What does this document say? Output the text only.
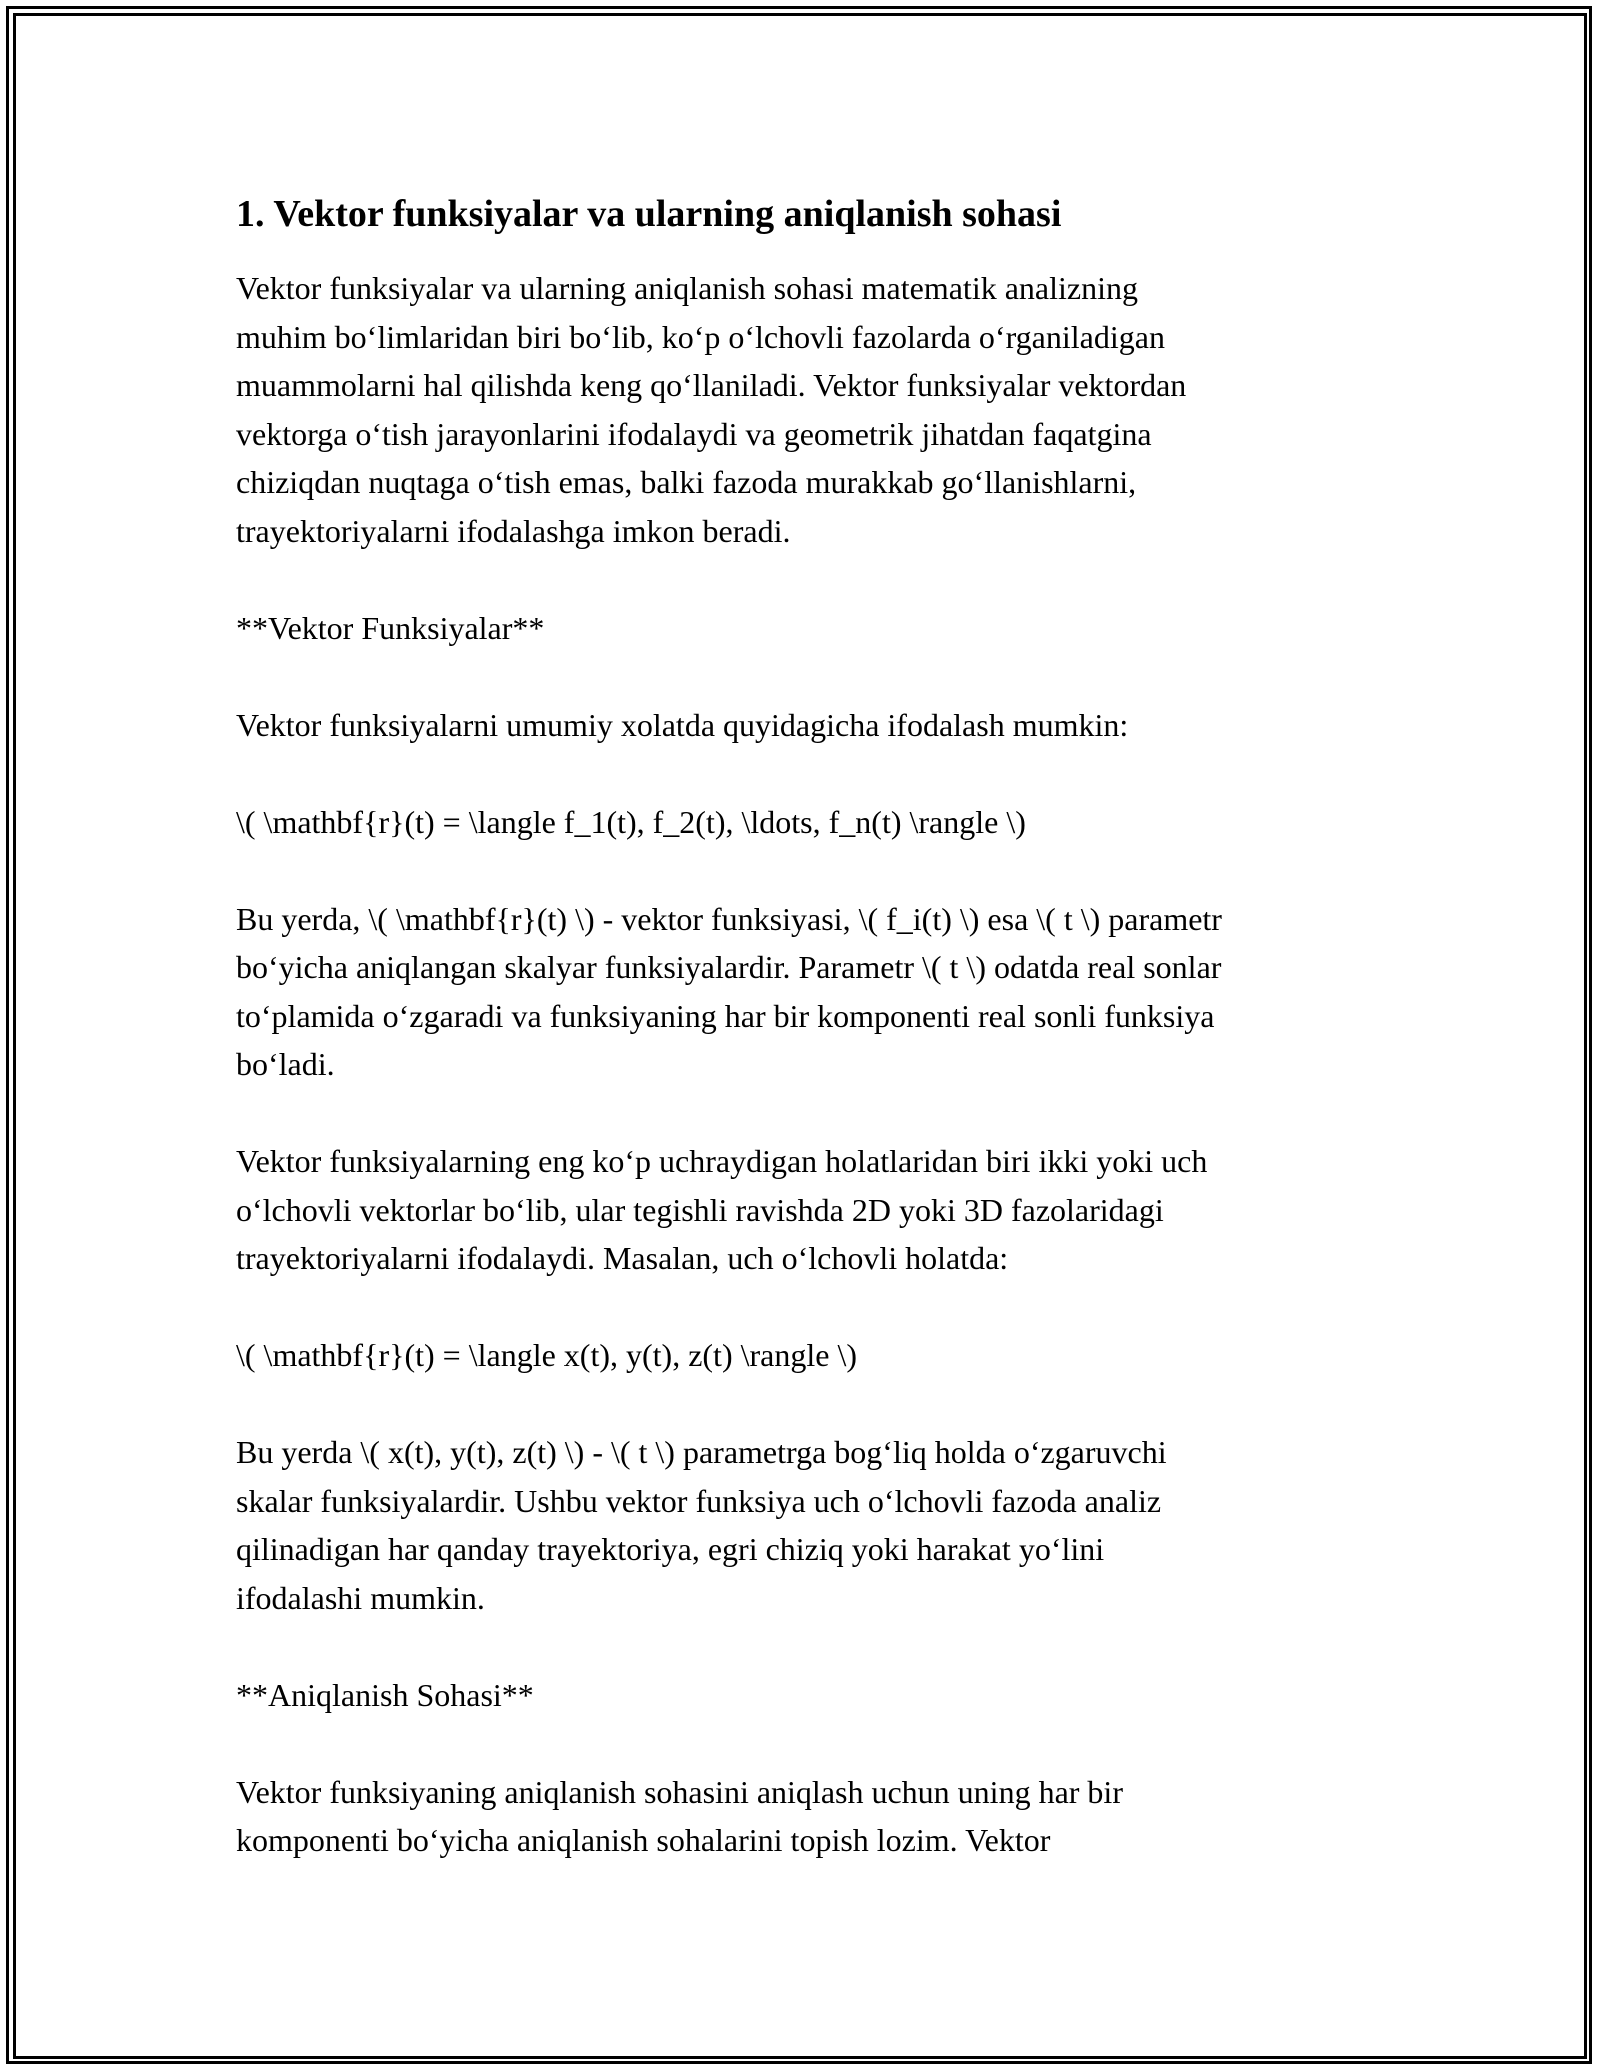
1. Vektor funksiyalar va ularning aniqlanish sohasi
Vektor funksiyalar va ularning aniqlanish sohasi matematik analizning
muhim bo‘limlaridan biri bo‘lib, ko‘p o‘lchovli fazolarda o‘rganiladigan
muammolarni hal qilishda keng qo‘llaniladi. Vektor funksiyalar vektordan
vektorga o‘tish jarayonlarini ifodalaydi va geometrik jihatdan faqatgina
chiziqdan nuqtaga o‘tish emas, balki fazoda murakkab go‘llanishlarni,
trayektoriyalarni ifodalashga imkon beradi.
**Vektor Funksiyalar**
Vektor funksiyalarni umumiy xolatda quyidagicha ifodalash mumkin:
\( \mathbf{r}(t) = \langle f_1(t), f_2(t), \ldots, f_n(t) \rangle \)
Bu yerda, \( \mathbf{r}(t) \) - vektor funksiyasi, \( f_i(t) \) esa \( t \) parametr
bo‘yicha aniqlangan skalyar funksiyalardir. Parametr \( t \) odatda real sonlar
to‘plamida o‘zgaradi va funksiyaning har bir komponenti real sonli funksiya
bo‘ladi.
Vektor funksiyalarning eng ko‘p uchraydigan holatlaridan biri ikki yoki uch
o‘lchovli vektorlar bo‘lib, ular tegishli ravishda 2D yoki 3D fazolaridagi
trayektoriyalarni ifodalaydi. Masalan, uch o‘lchovli holatda:
\( \mathbf{r}(t) = \langle x(t), y(t), z(t) \rangle \)
Bu yerda \( x(t), y(t), z(t) \) - \( t \) parametrga bog‘liq holda o‘zgaruvchi
skalar funksiyalardir. Ushbu vektor funksiya uch o‘lchovli fazoda analiz
qilinadigan har qanday trayektoriya, egri chiziq yoki harakat yo‘lini
ifodalashi mumkin.
**Aniqlanish Sohasi**
Vektor funksiyaning aniqlanish sohasini aniqlash uchun uning har bir
komponenti bo‘yicha aniqlanish sohalarini topish lozim. Vektor
